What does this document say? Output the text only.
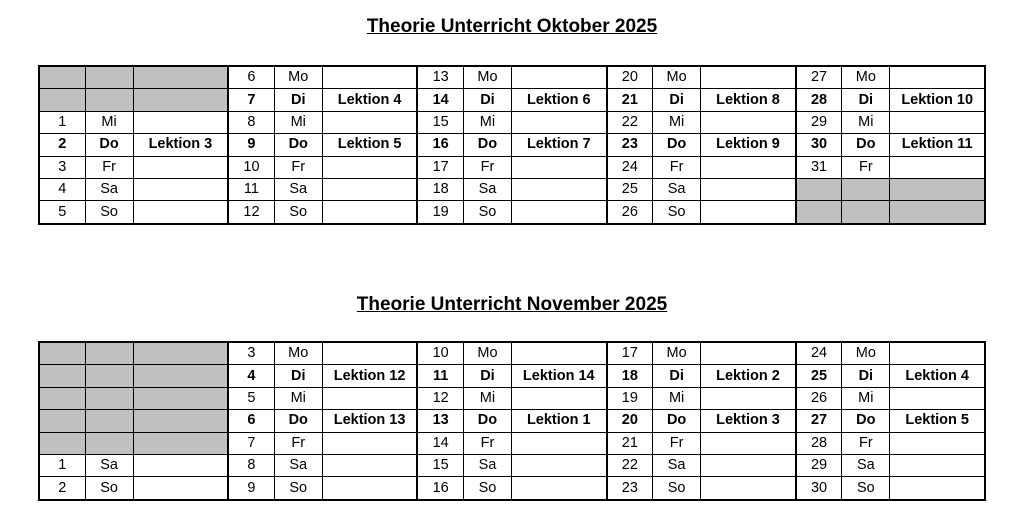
Theorie Unterricht Oktober 2025
			6	Mo		13	Mo		20	Mo		27	Mo	
			7	Di	Lektion 4	14	Di	Lektion 6	21	Di	Lektion 8	28	Di	Lektion 10
1	Mi		8	Mi		15	Mi		22	Mi		29	Mi	
2	Do	Lektion 3	9	Do	Lektion 5	16	Do	Lektion 7	23	Do	Lektion 9	30	Do	Lektion 11
3	Fr		10	Fr		17	Fr		24	Fr		31	Fr	
4	Sa		11	Sa		18	Sa		25	Sa				
5	So		12	So		19	So		26	So				
Theorie Unterricht November 2025
			3	Mo		10	Mo		17	Mo		24	Mo	
			4	Di	Lektion 12	11	Di	Lektion 14	18	Di	Lektion 2	25	Di	Lektion 4
			5	Mi		12	Mi		19	Mi		26	Mi	
			6	Do	Lektion 13	13	Do	Lektion 1	20	Do	Lektion 3	27	Do	Lektion 5
			7	Fr		14	Fr		21	Fr		28	Fr	
1	Sa		8	Sa		15	Sa		22	Sa		29	Sa	
2	So		9	So		16	So		23	So		30	So	
